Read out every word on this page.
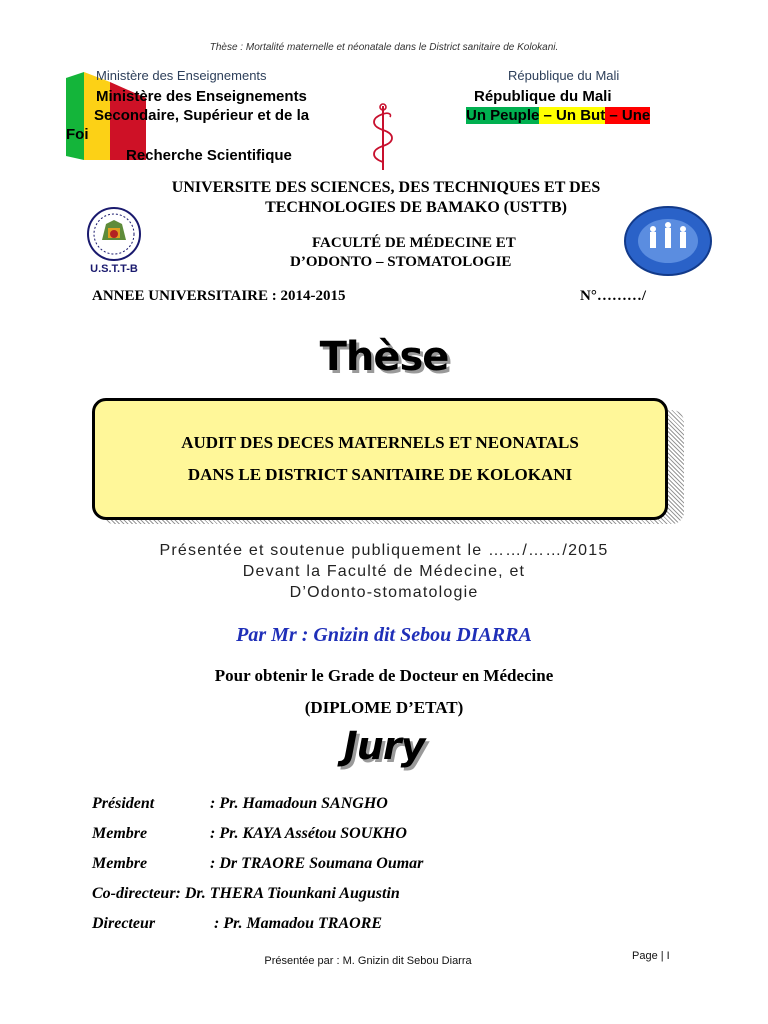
Thèse : Mortalité maternelle et néonatale dans le District sanitaire de Kolokani.
Ministère des Enseignements	République du Mali
Ministère des Enseignements
Secondaire, Supérieur et de la
Foi
Recherche Scientifique
République du Mali
Un Peuple – Un But – Une
UNIVERSITE DES SCIENCES, DES TECHNIQUES ET DES
TECHNOLOGIES DE BAMAKO (USTTB)
U.S.T.T-B
FACULTÉ DE MÉDECINE ET
D’ODONTO – STOMATOLOGIE
ANNEE UNIVERSITAIRE : 2014-2015	N°………/
Thèse
AUDIT DES DECES MATERNELS ET NEONATALS
DANS LE DISTRICT SANITAIRE DE KOLOKANI
Présentée et soutenue publiquement le ……/……/2015
Devant la Faculté de Médecine, et
D’Odonto-stomatologie
Par Mr : Gnizin dit Sebou DIARRA
Pour obtenir le Grade de Docteur en Médecine
(DIPLOME D’ETAT)
Jury
Président	: Pr. Hamadoun SANGHO
Membre	: Pr. KAYA Assétou SOUKHO
Membre	: Dr TRAORE Soumana Oumar
Co-directeur: Dr. THERA Tiounkani Augustin
Directeur	: Pr. Mamadou TRAORE
Page | I
Présentée par : M. Gnizin dit Sebou Diarra
